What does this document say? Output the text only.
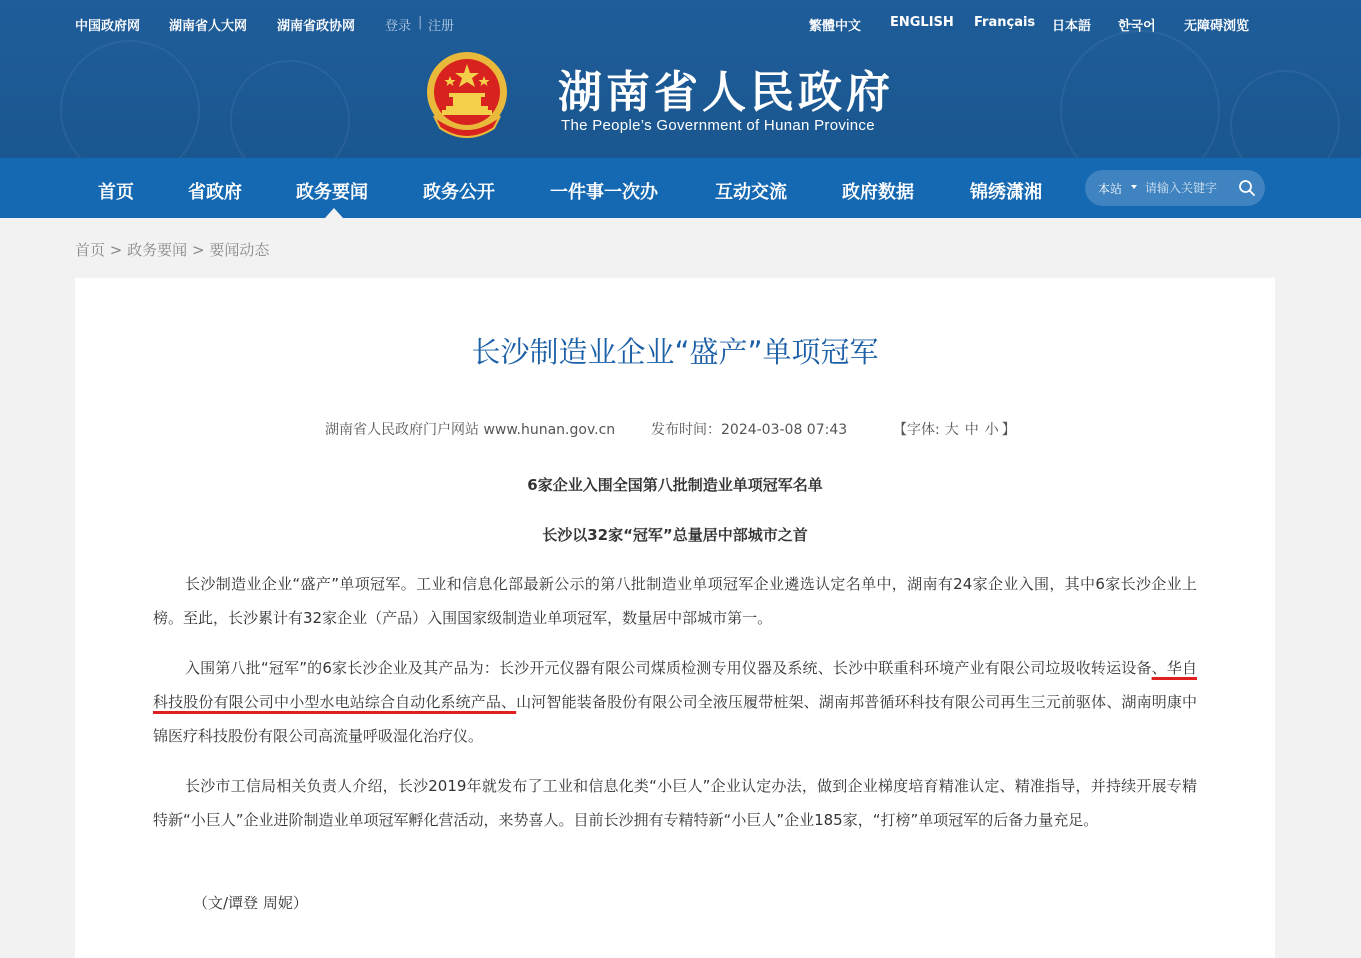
中国政府网 湖南省人大网 湖南省政协网 登录 | 注册	繁體中文 ENGLISH Français 日本語 한국어 无障碍浏览
湖南省人民政府
The People’s Government of Hunan Province
首页	省政府	政务要闻	政务公开	一件事一次办	互动交流	政府数据	锦绣潇湘	本站
请输入关键字
首页 > 政务要闻 > 要闻动态
长沙制造业企业“盛产”单项冠军
湖南省人民政府门户网站 www.hunan.gov.cn	发布时间：2024-03-08 07:43	【字体: 大 中 小 】
6家企业入围全国第八批制造业单项冠军名单
长沙以32家“冠军”总量居中部城市之首

长沙制造业企业“盛产”单项冠军。工业和信息化部最新公示的第八批制造业单项冠军企业遴选认定名单中，湖南有24家企业入围，其中6家长沙企业上榜。至此，长沙累计有32家企业（产品）入围国家级制造业单项冠军，数量居中部城市第一。

入围第八批“冠军”的6家长沙企业及其产品为：长沙开元仪器有限公司煤质检测专用仪器及系统、长沙中联重科环境产业有限公司垃圾收转运设备、华自科技股份有限公司中小型水电站综合自动化系统产品、山河智能装备股份有限公司全液压履带桩架、湖南邦普循环科技有限公司再生三元前驱体、湖南明康中锦医疗科技股份有限公司高流量呼吸湿化治疗仪。

长沙市工信局相关负责人介绍，长沙2019年就发布了工业和信息化类“小巨人”企业认定办法，做到企业梯度培育精准认定、精准指导，并持续开展专精特新“小巨人”企业进阶制造业单项冠军孵化营活动，来势喜人。目前长沙拥有专精特新“小巨人”企业185家，“打榜”单项冠军的后备力量充足。

（文/谭登 周妮）
